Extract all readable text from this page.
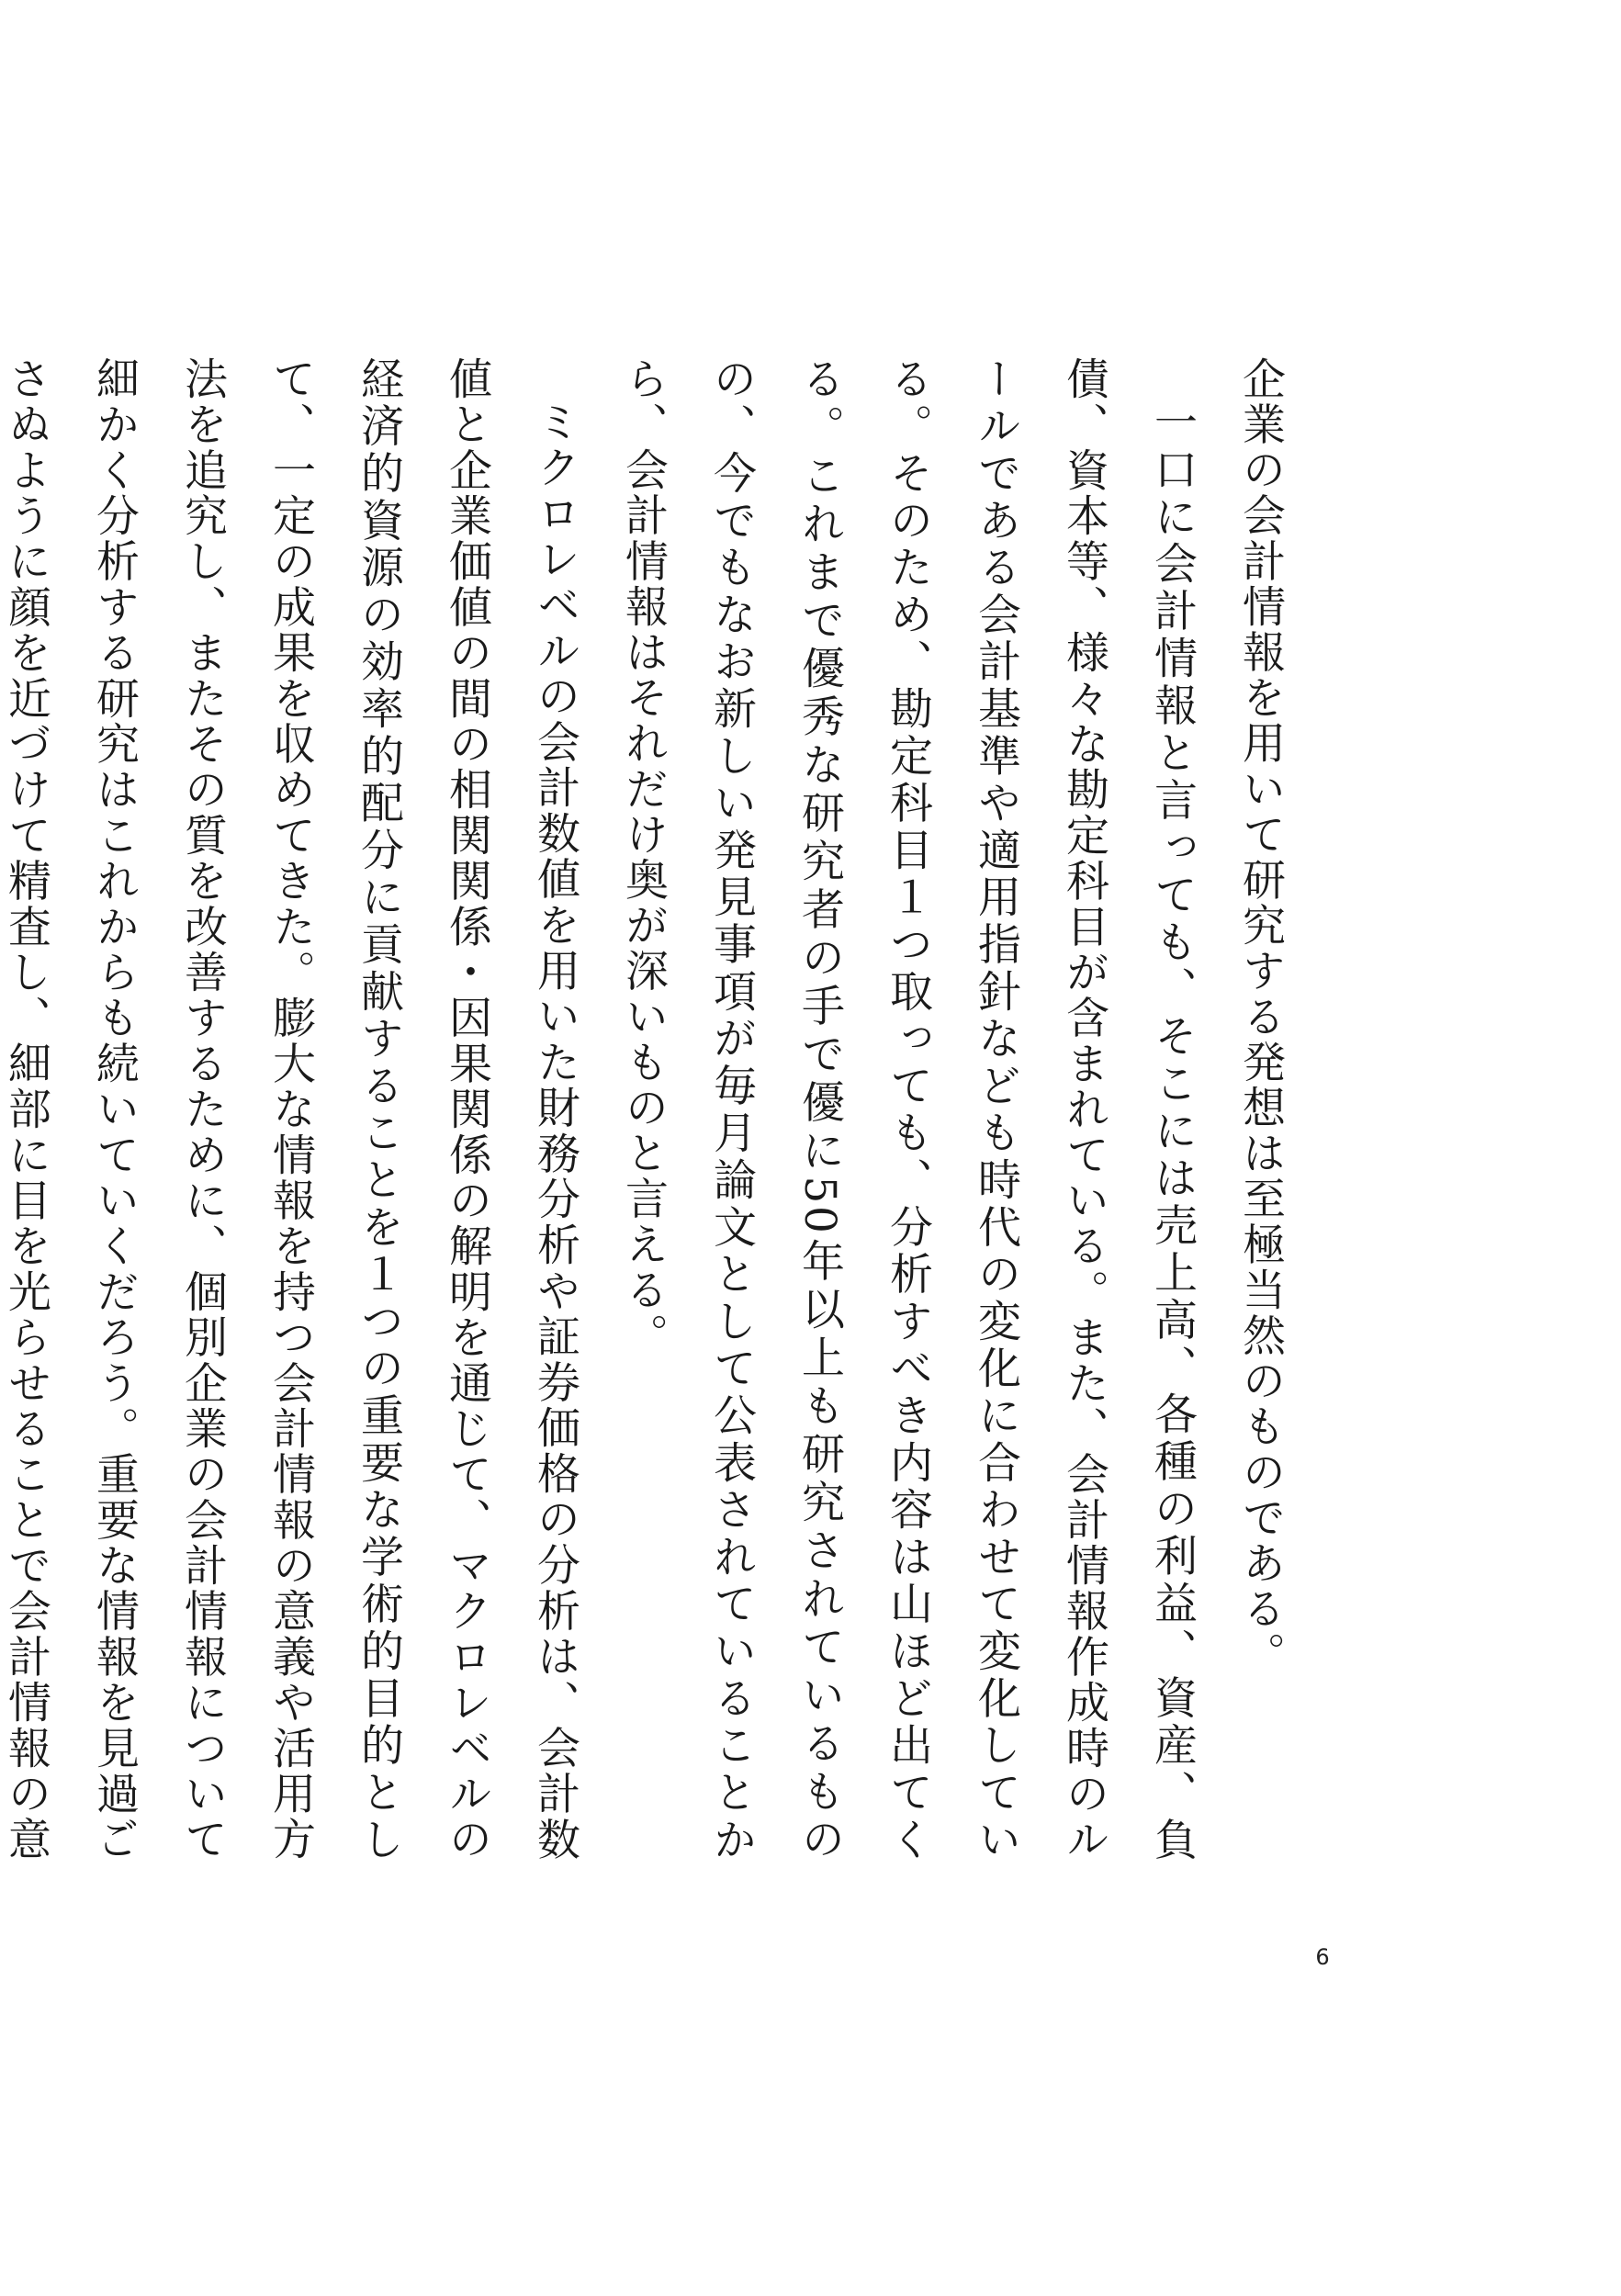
企業の会計情報を用いて研究する発想は至極当然のものである。

一口に会計情報と言っても、そこには売上高、各種の利益、資産、負債、資本等、様々な勘定科目が含まれている。また、会計情報作成時のルールである会計基準や適用指針なども時代の変化に合わせて変化している。そのため、勘定科目１つ取っても、分析すべき内容は山ほど出てくる。これまで優秀な研究者の手で優に50年以上も研究されているものの、今でもなお新しい発見事項が毎月論文として公表されていることから、会計情報はそれだけ奥が深いものと言える。

ミクロレベルの会計数値を用いた財務分析や証券価格の分析は、会計数値と企業価値の間の相関関係・因果関係の解明を通じて、マクロレベルの経済的資源の効率的配分に貢献することを１つの重要な学術的目的として、一定の成果を収めてきた。膨大な情報を持つ会計情報の意義や活用方法を追究し、またその質を改善するために、個別企業の会計情報について細かく分析する研究はこれからも続いていくだろう。重要な情報を見過ごさぬように顔を近づけて精査し、細部に目を光らせることで会計情報の意

6
